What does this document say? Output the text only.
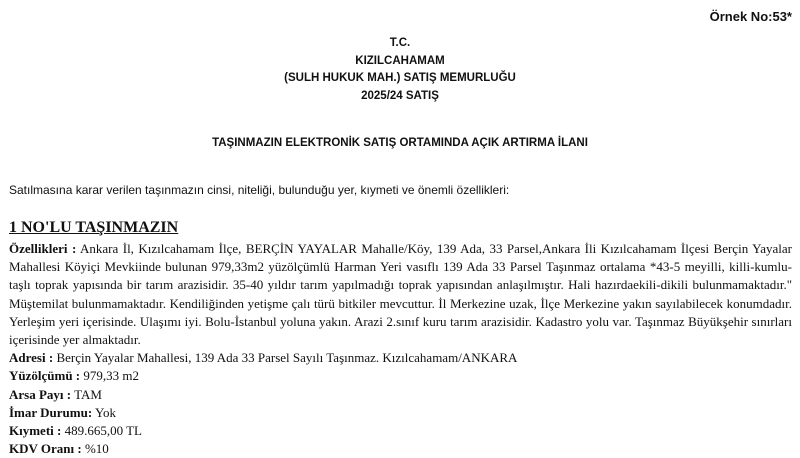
Örnek No:53*
T.C.
KIZILCAHAMAM
(SULH HUKUK MAH.) SATIŞ MEMURLUĞU
2025/24 SATIŞ
TAŞINMAZIN ELEKTRONİK SATIŞ ORTAMINDA AÇIK ARTIRMA İLANI
Satılmasına karar verilen taşınmazın cinsi, niteliği, bulunduğu yer, kıymeti ve önemli özellikleri:
1 NO'LU TAŞINMAZIN

Özellikleri : Ankara İl, Kızılcahamam İlçe, BERÇİN YAYALAR Mahalle/Köy, 139 Ada, 33 Parsel,Ankara İli Kızılcahamam İlçesi Berçin Yayalar Mahallesi Köyiçi Mevkiinde bulunan 979,33m2 yüzölçümlü Harman Yeri vasıflı 139 Ada 33 Parsel Taşınmaz ortalama *43-5 meyilli, killi-kumlu-taşlı toprak yapısında bir tarım arazisidir. 35-40 yıldır tarım yapılmadığı toprak yapısından anlaşılmıştır. Hali hazırdaekili-dikili bulunmamaktadır." Müştemilat bulunmamaktadır. Kendiliğinden yetişme çalı türü bitkiler mevcuttur. İl Merkezine uzak, İlçe Merkezine yakın sayılabilecek konumdadır. Yerleşim yeri içerisinde. Ulaşımı iyi. Bolu-İstanbul yoluna yakın. Arazi 2.sınıf kuru tarım arazisidir. Kadastro yolu var. Taşınmaz Büyükşehir sınırları içerisinde yer almaktadır.

Adresi : Berçin Yayalar Mahallesi, 139 Ada 33 Parsel Sayılı Taşınmaz. Kızılcahamam/ANKARA

Yüzölçümü : 979,33 m2

Arsa Payı : TAM

İmar Durumu: Yok

Kıymeti : 489.665,00 TL

KDV Oranı : %10
